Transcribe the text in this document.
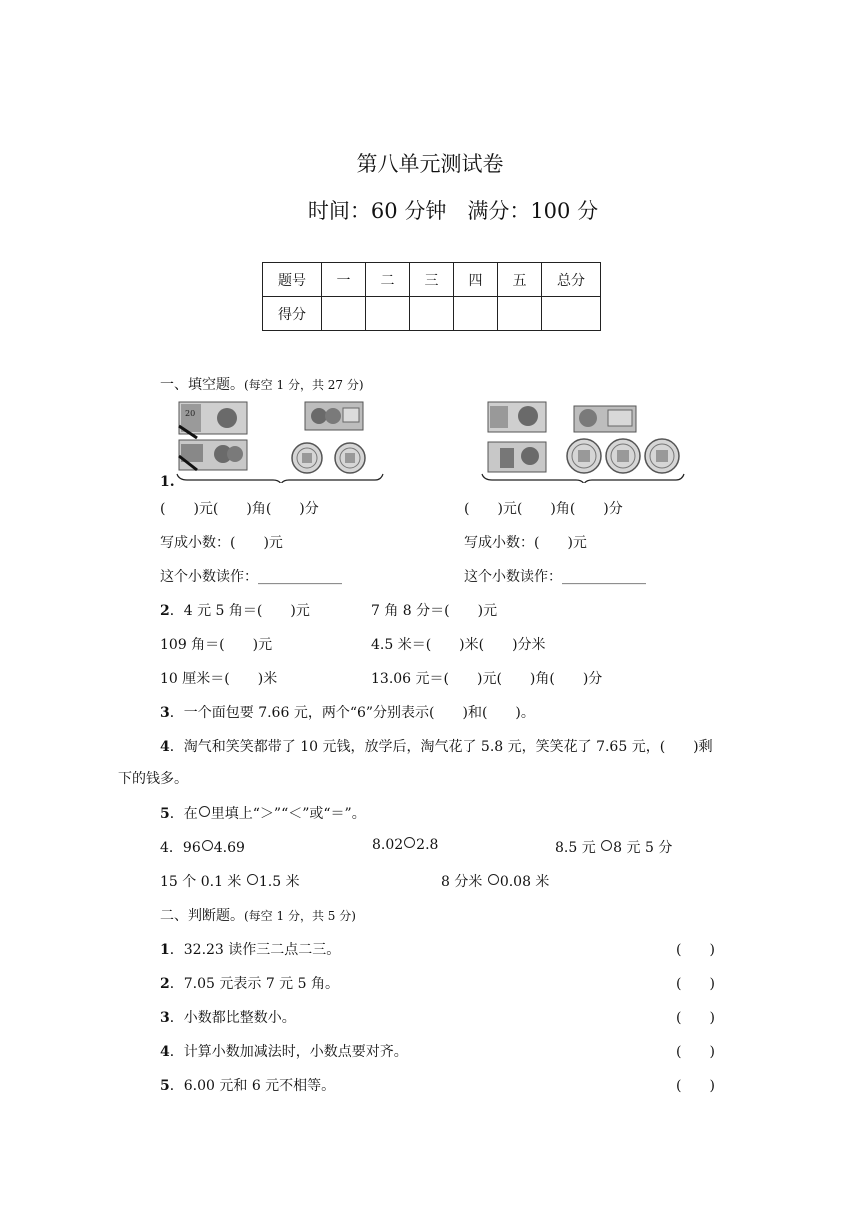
第八单元测试卷
时间：60 分钟　满分：100 分
题号	一	二	三	四	五	总分
得分						
一、填空题。(每空 1 分，共 27 分)
20
1.
(　　)元(　　)角(　　)分
写成小数：(　　)元
这个小数读作：____________
(　　)元(　　)角(　　)分
写成小数：(　　)元
这个小数读作：____________
2．4 元 5 角＝(　　)元	7 角 8 分＝(　　)元
109 角＝(　　)元	4.5 米＝(　　)米(　　)分米
10 厘米＝(　　)米	13.06 元＝(　　)元(　　)角(　　)分
3．一个面包要 7.66 元，两个“6”分别表示(　　)和(　　)。
4．淘气和笑笑都带了 10 元钱，放学后，淘气花了 5.8 元，笑笑花了 7.65 元，(　　)剩
下的钱多。
5．在 里填上“＞”“＜”或“＝”。
4．96 4.69	8.02 2.8	8.5 元 8 元 5 分
15 个 0.1 米 1.5 米	8 分米 0.08 米
二、判断题。(每空 1 分，共 5 分)
1．32.23 读作三二点二三。	(　　)
2．7.05 元表示 7 元 5 角。	(　　)
3．小数都比整数小。	(　　)
4．计算小数加减法时，小数点要对齐。	(　　)
5．6.00 元和 6 元不相等。	(　　)
